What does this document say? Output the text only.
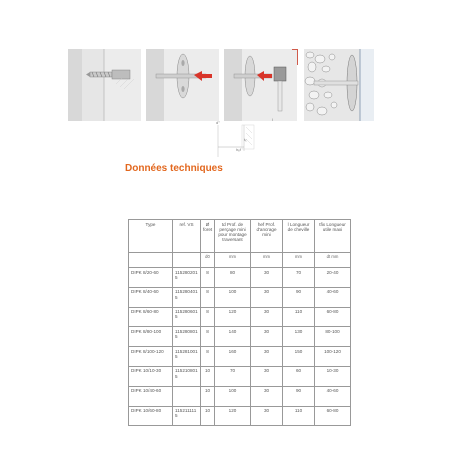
d°
l
tₓ
hₑf
Données techniques
Type	ref. VS	Ø foret	td Prof. de perçage mini pour montage traversant	hef Prof. d'ancrage mini	l Longueur de cheville	tfix Longueur utile maxi
		d0	mm	mm	mm	dt mm
DIPK 8/20-60	115280201 5	8	80	30	70	20-40
DIPK 8/40-60	115280401 5	8	100	30	90	40-60
DIPK 8/60-80	115280601 5	8	120	30	110	60-80
DIPK 8/80-100	115280801 5	8	140	30	130	80-100
DIPK 8/100-120	115281001 5	8	160	30	150	100-120
DIPK 10/10-30	115210801 5	10	70	30	60	10-30
DIPK 10/40-60		10	100	30	90	40-60
DIPK 10/60-80	115211111 5	10	120	30	110	60-80
